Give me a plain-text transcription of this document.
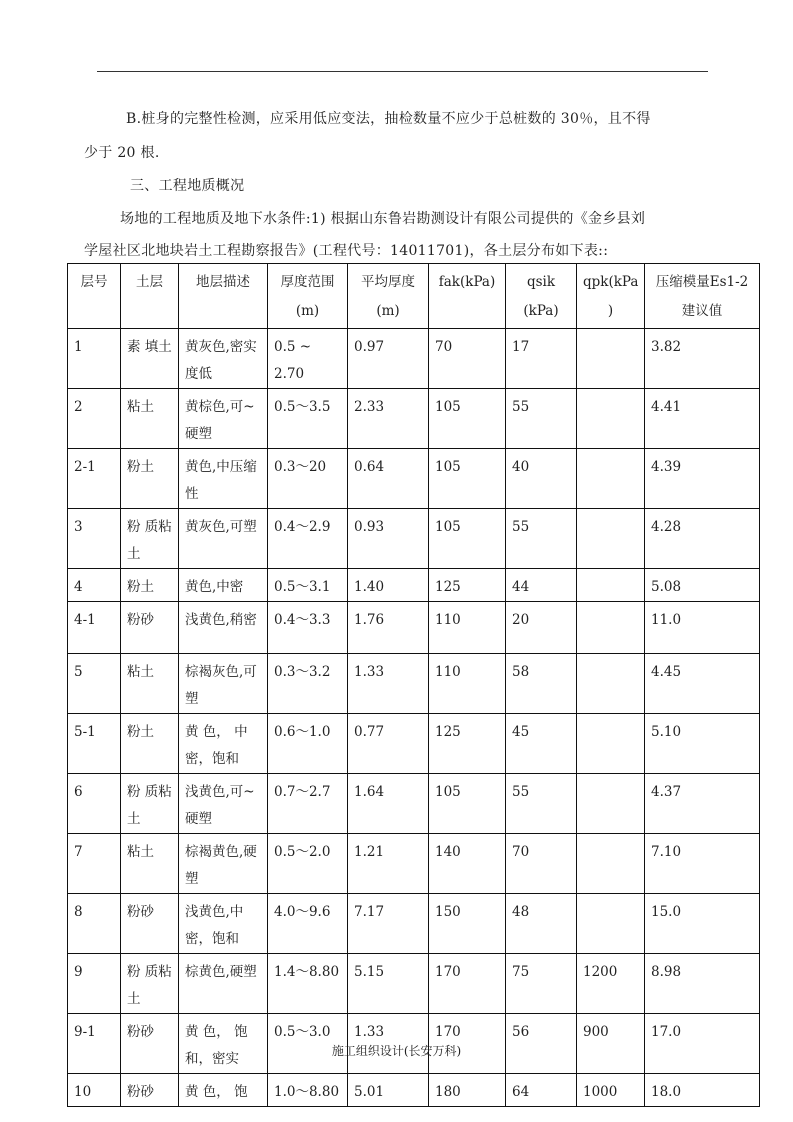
B.桩身的完整性检测，应采用低应变法，抽检数量不应少于总桩数的 30％，且不得
少于 20 根.
三、工程地质概况
场地的工程地质及地下水条件:1) 根据山东鲁岩勘测设计有限公司提供的《金乡县刘
学屋社区北地块岩土工程勘察报告》(工程代号：14011701)，各土层分布如下表::
层号	土层	地层描述	厚度范围(m)	平均厚度(m)	fak(kPa)	qsik (kPa)	qpk(kPa )	压缩模量Es1-2 建议值
1	素 填土	黄灰色,密实度低	0.5 ~ 2.70	0.97	70	17		3.82
2	粘土	黄棕色,可~硬塑	0.5～3.5	2.33	105	55		4.41
2-1	粉土	黄色,中压缩性	0.3～20	0.64	105	40		4.39
3	粉 质粘土	黄灰色,可塑	0.4～2.9	0.93	105	55		4.28
4	粉土	黄色,中密	0.5～3.1	1.40	125	44		5.08
4-1	粉砂	浅黄色,稍密	0.4～3.3	1.76	110	20		11.0
5	粘土	棕褐灰色,可塑	0.3～3.2	1.33	110	58		4.45
5-1	粉土	黄 色， 中密，饱和	0.6～1.0	0.77	125	45		5.10
6	粉 质粘土	浅黄色,可~硬塑	0.7～2.7	1.64	105	55		4.37
7	粘土	棕褐黄色,硬塑	0.5～2.0	1.21	140	70		7.10
8	粉砂	浅黄色,中密，饱和	4.0～9.6	7.17	150	48		15.0
9	粉 质粘土	棕黄色,硬塑	1.4～8.80	5.15	170	75	1200	8.98
9-1	粉砂	黄 色， 饱和，密实	0.5～3.0	1.33	170	56	900	17.0
10	粉砂	黄 色， 饱	1.0～8.80	5.01	180	64	1000	18.0
施工组织设计(长安万科)
